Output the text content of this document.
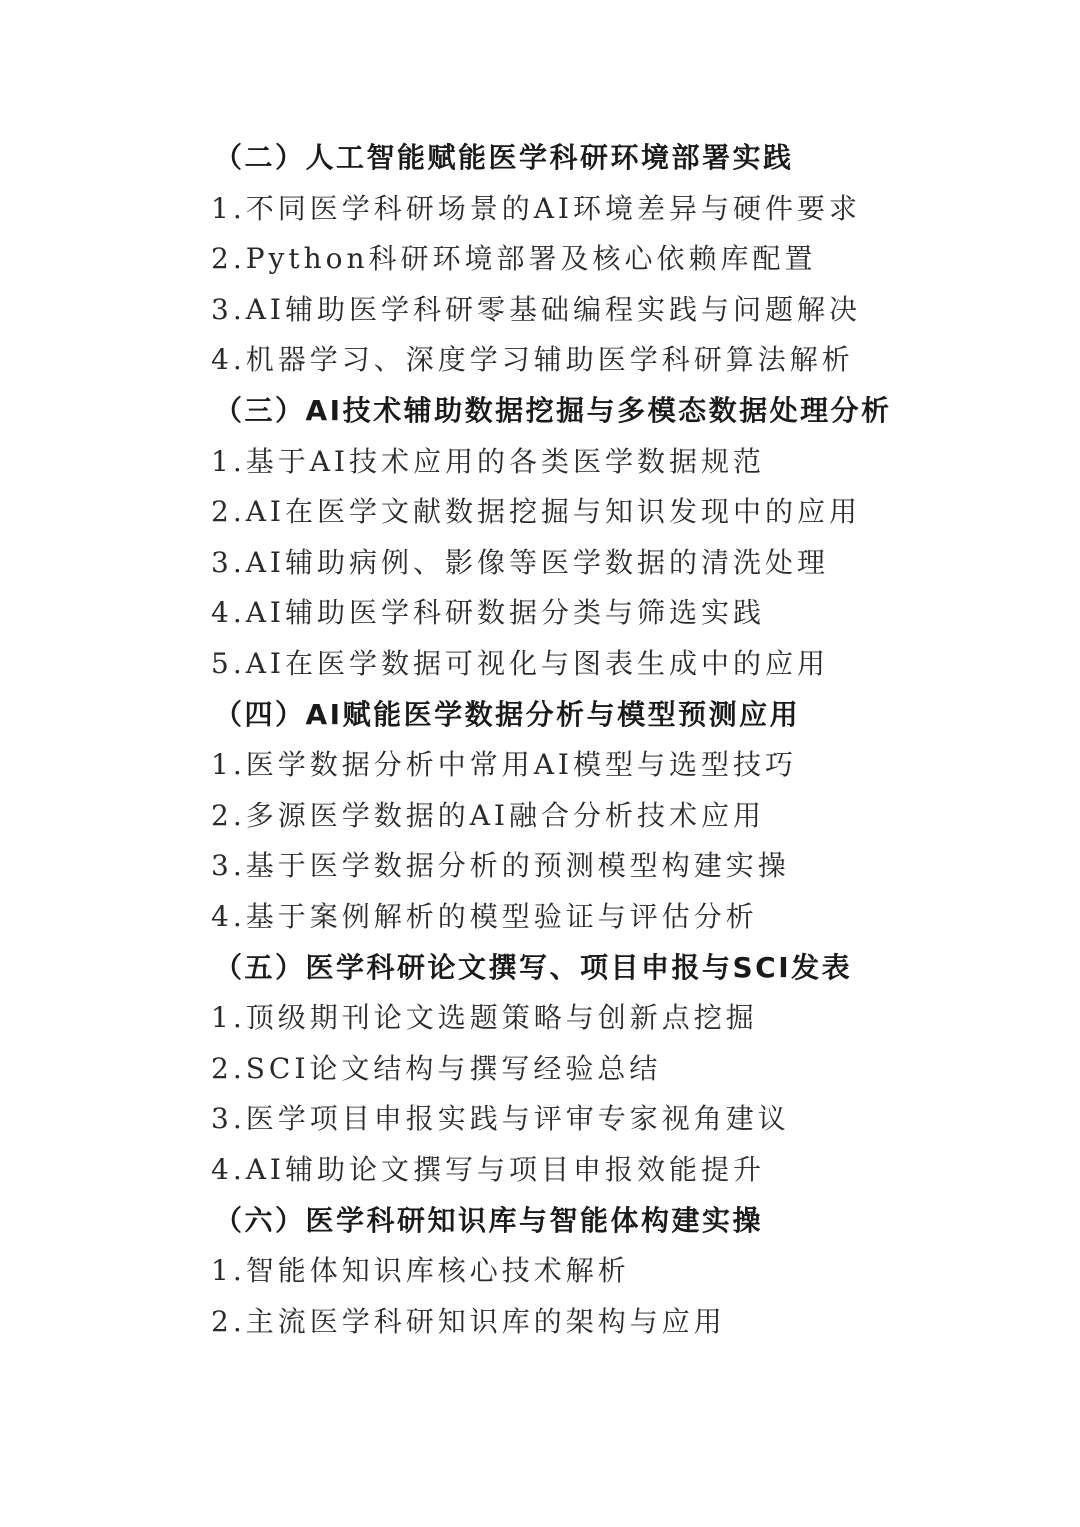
（二）人工智能赋能医学科研环境部署实践
1.不同医学科研场景的AI环境差异与硬件要求
2.Python科研环境部署及核心依赖库配置
3.AI辅助医学科研零基础编程实践与问题解决
4.机器学习、深度学习辅助医学科研算法解析
（三）AI技术辅助数据挖掘与多模态数据处理分析
1.基于AI技术应用的各类医学数据规范
2.AI在医学文献数据挖掘与知识发现中的应用
3.AI辅助病例、影像等医学数据的清洗处理
4.AI辅助医学科研数据分类与筛选实践
5.AI在医学数据可视化与图表生成中的应用
（四）AI赋能医学数据分析与模型预测应用
1.医学数据分析中常用AI模型与选型技巧
2.多源医学数据的AI融合分析技术应用
3.基于医学数据分析的预测模型构建实操
4.基于案例解析的模型验证与评估分析
（五）医学科研论文撰写、项目申报与SCI发表
1.顶级期刊论文选题策略与创新点挖掘
2.SCI论文结构与撰写经验总结
3.医学项目申报实践与评审专家视角建议
4.AI辅助论文撰写与项目申报效能提升
（六）医学科研知识库与智能体构建实操
1.智能体知识库核心技术解析
2.主流医学科研知识库的架构与应用
